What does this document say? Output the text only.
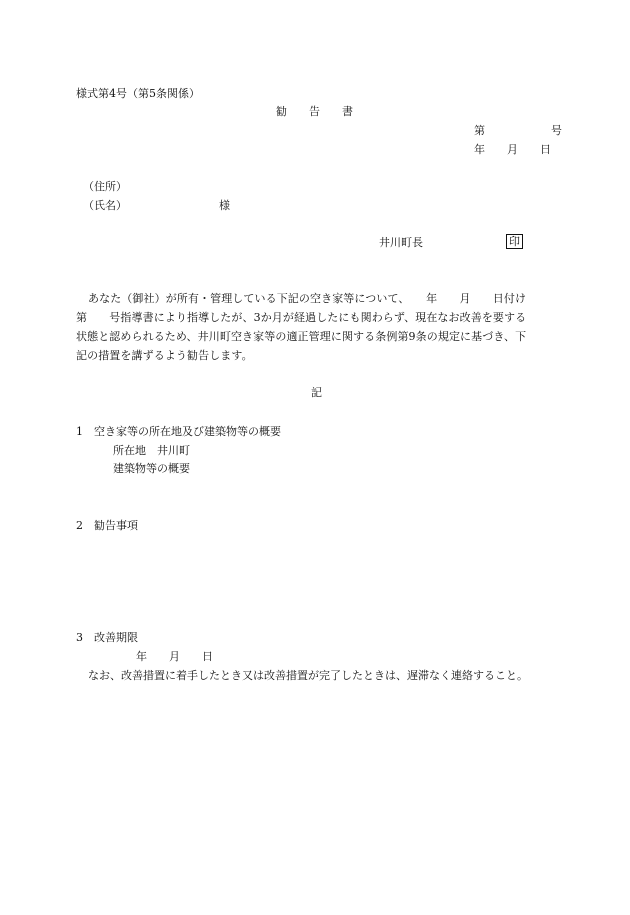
様式第4号（第5条関係）
勧　　告　　書
第　　　　　　号
年　　月　　日
（住所）
（氏名）	様
井川町長	印
あなた（御社）が所有・管理している下記の空き家等について、　　年　　月　　日付け
第　　号指導書により指導したが、3か月が経過したにも関わらず、現在なお改善を要する
状態と認められるため、井川町空き家等の適正管理に関する条例第9条の規定に基づき、下
記の措置を講ずるよう勧告します。
記
1　空き家等の所在地及び建築物等の概要
所在地　井川町
建築物等の概要
2　勧告事項
3　改善期限
年　　月　　日
なお、改善措置に着手したとき又は改善措置が完了したときは、遅滞なく連絡すること。
